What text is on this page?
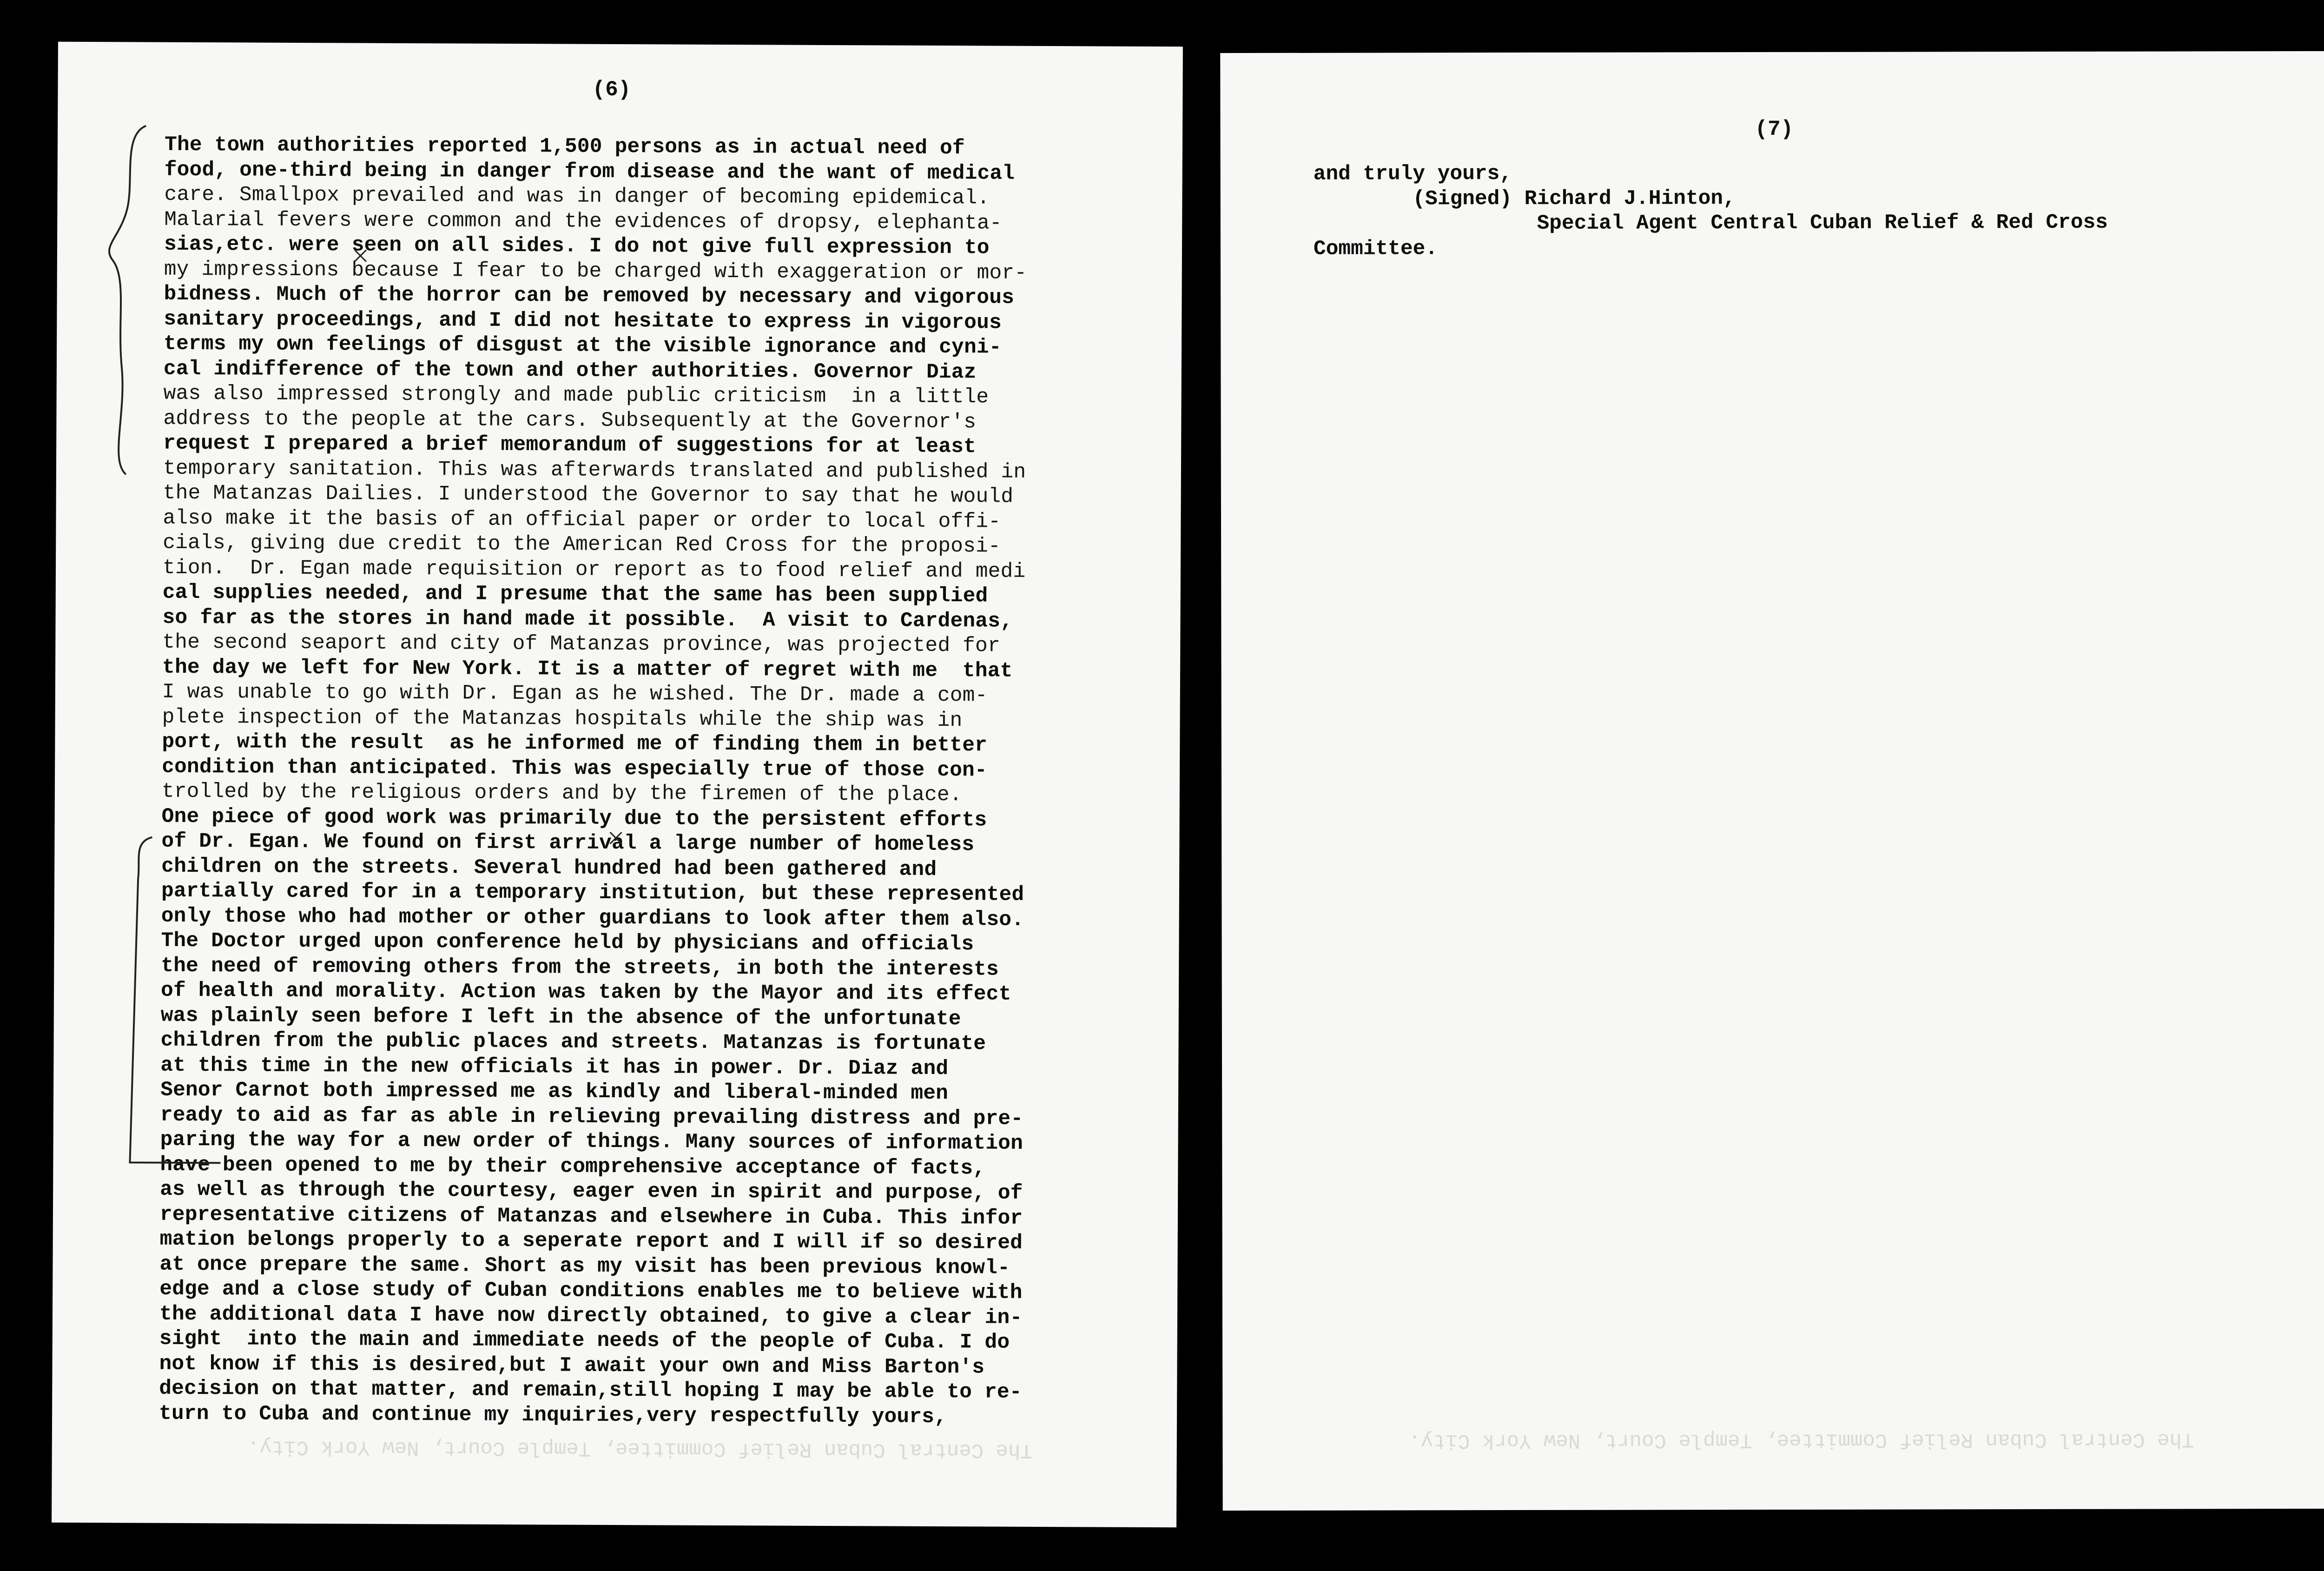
(6)
The town authorities reported 1,500 persons as in actual need of
food, one-third being in danger from disease and the want of medical
care. Smallpox prevailed and was in danger of becoming epidemical.
Malarial fevers were common and the evidences of dropsy, elephanta-
sias,etc. were seen on all sides. I do not give full expression to
my impressions because I fear to be charged with exaggeration or mor-
bidness. Much of the horror can be removed by necessary and vigorous
sanitary proceedings, and I did not hesitate to express in vigorous
terms my own feelings of disgust at the visible ignorance and cyni-
cal indifference of the town and other authorities. Governor Diaz
was also impressed strongly and made public criticism  in a little
address to the people at the cars. Subsequently at the Governor's
request I prepared a brief memorandum of suggestions for at least
temporary sanitation. This was afterwards translated and published in
the Matanzas Dailies. I understood the Governor to say that he would
also make it the basis of an official paper or order to local offi-
cials, giving due credit to the American Red Cross for the proposi-
tion.  Dr. Egan made requisition or report as to food relief and medi
cal supplies needed, and I presume that the same has been supplied
so far as the stores in hand made it possible.  A visit to Cardenas,
the second seaport and city of Matanzas province, was projected for
the day we left for New York. It is a matter of regret with me  that
I was unable to go with Dr. Egan as he wished. The Dr. made a com-
plete inspection of the Matanzas hospitals while the ship was in
port, with the result  as he informed me of finding them in better
condition than anticipated. This was especially true of those con-
trolled by the religious orders and by the firemen of the place.
One piece of good work was primarily due to the persistent efforts
of Dr. Egan. We found on first arrival a large number of homeless
children on the streets. Several hundred had been gathered and
partially cared for in a temporary institution, but these represented
only those who had mother or other guardians to look after them also.
The Doctor urged upon conference held by physicians and officials
the need of removing others from the streets, in both the interests
of health and morality. Action was taken by the Mayor and its effect
was plainly seen before I left in the absence of the unfortunate
children from the public places and streets. Matanzas is fortunate
at this time in the new officials it has in power. Dr. Diaz and
Senor Carnot both impressed me as kindly and liberal-minded men
ready to aid as far as able in relieving prevailing distress and pre-
paring the way for a new order of things. Many sources of information
have been opened to me by their comprehensive acceptance of facts,
as well as through the courtesy, eager even in spirit and purpose, of
representative citizens of Matanzas and elsewhere in Cuba. This infor
mation belongs properly to a seperate report and I will if so desired
at once prepare the same. Short as my visit has been previous knowl-
edge and a close study of Cuban conditions enables me to believe with
the additional data I have now directly obtained, to give a clear in-
sight  into the main and immediate needs of the people of Cuba. I do
not know if this is desired,but I await your own and Miss Barton's
decision on that matter, and remain,still hoping I may be able to re-
turn to Cuba and continue my inquiries,very respectfully yours,
The Central Cuban Relief Committee, Temple Court, New York City.
(7)
and truly yours,
(Signed) Richard J.Hinton,
Special Agent Central Cuban Relief & Red Cross
Committee.
The Central Cuban Relief Committee, Temple Court, New York City.
